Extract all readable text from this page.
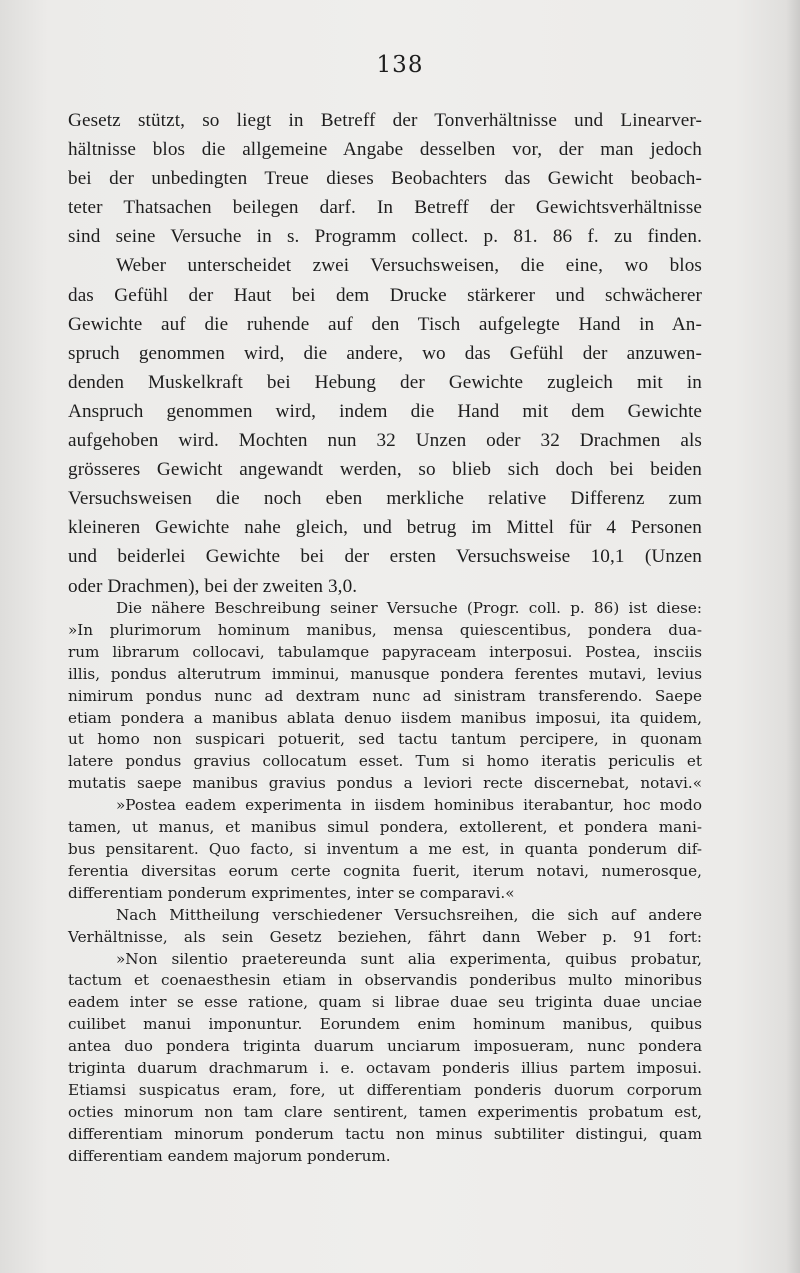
138
Gesetz stützt, so liegt in Betreff der Tonverhältnisse und Linearver-
hältnisse blos die allgemeine Angabe desselben vor, der man jedoch
bei der unbedingten Treue dieses Beobachters das Gewicht beobach-
teter Thatsachen beilegen darf. In Betreff der Gewichtsverhältnisse
sind seine Versuche in s. Programm collect. p. 81. 86 f. zu finden.
Weber unterscheidet zwei Versuchsweisen, die eine, wo blos
das Gefühl der Haut bei dem Drucke stärkerer und schwächerer
Gewichte auf die ruhende auf den Tisch aufgelegte Hand in An-
spruch genommen wird, die andere, wo das Gefühl der anzuwen-
denden Muskelkraft bei Hebung der Gewichte zugleich mit in
Anspruch genommen wird, indem die Hand mit dem Gewichte
aufgehoben wird. Mochten nun 32 Unzen oder 32 Drachmen als
grösseres Gewicht angewandt werden, so blieb sich doch bei beiden
Versuchsweisen die noch eben merkliche relative Differenz zum
kleineren Gewichte nahe gleich, und betrug im Mittel für 4 Personen
und beiderlei Gewichte bei der ersten Versuchsweise 10,1 (Unzen
oder Drachmen), bei der zweiten 3,0.
Die nähere Beschreibung seiner Versuche (Progr. coll. p. 86) ist diese:
»In plurimorum hominum manibus, mensa quiescentibus, pondera dua-
rum librarum collocavi, tabulamque papyraceam interposui. Postea, insciis
illis, pondus alterutrum imminui, manusque pondera ferentes mutavi, levius
nimirum pondus nunc ad dextram nunc ad sinistram transferendo. Saepe
etiam pondera a manibus ablata denuo iisdem manibus imposui, ita quidem,
ut homo non suspicari potuerit, sed tactu tantum percipere, in quonam
latere pondus gravius collocatum esset. Tum si homo iteratis periculis et
mutatis saepe manibus gravius pondus a leviori recte discernebat, notavi.«
»Postea eadem experimenta in iisdem hominibus iterabantur, hoc modo
tamen, ut manus, et manibus simul pondera, extollerent, et pondera mani-
bus pensitarent. Quo facto, si inventum a me est, in quanta ponderum dif-
ferentia diversitas eorum certe cognita fuerit, iterum notavi, numerosque,
differentiam ponderum exprimentes, inter se comparavi.«
Nach Mittheilung verschiedener Versuchsreihen, die sich auf andere
Verhältnisse, als sein Gesetz beziehen, fährt dann Weber p. 91 fort:
»Non silentio praetereunda sunt alia experimenta, quibus probatur,
tactum et coenaesthesin etiam in observandis ponderibus multo minoribus
eadem inter se esse ratione, quam si librae duae seu triginta duae unciae
cuilibet manui imponuntur. Eorundem enim hominum manibus, quibus
antea duo pondera triginta duarum unciarum imposueram, nunc pondera
triginta duarum drachmarum i. e. octavam ponderis illius partem imposui.
Etiamsi suspicatus eram, fore, ut differentiam ponderis duorum corporum
octies minorum non tam clare sentirent, tamen experimentis probatum est,
differentiam minorum ponderum tactu non minus subtiliter distingui, quam
differentiam eandem majorum ponderum.
